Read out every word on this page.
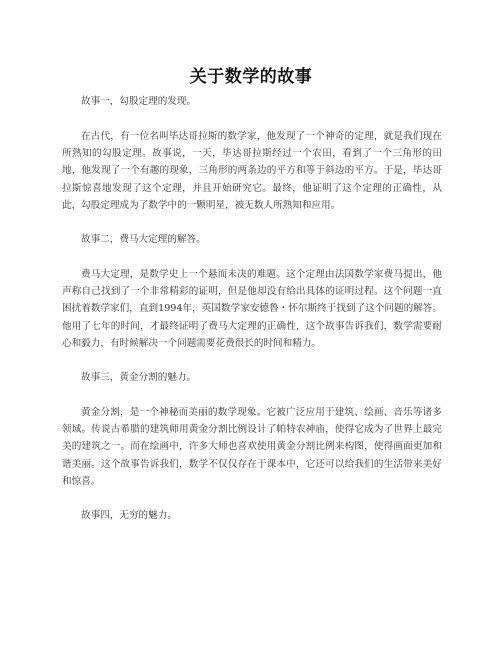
关于数学的故事

故事一，勾股定理的发现。

在古代，有一位名叫毕达哥拉斯的数学家，他发现了一个神奇的定理，就是我们现在所熟知的勾股定理。故事说，一天，毕达哥拉斯经过一个农田，看到了一个三角形的田地，他发现了一个有趣的现象，三角形的两条边的平方和等于斜边的平方。于是，毕达哥拉斯惊喜地发现了这个定理，并且开始研究它。最终，他证明了这个定理的正确性，从此，勾股定理成为了数学中的一颗明星，被无数人所熟知和应用。

故事二，费马大定理的解答。

费马大定理，是数学史上一个悬而未决的难题。这个定理由法国数学家费马提出，他声称自己找到了一个非常精彩的证明，但是他却没有给出具体的证明过程。这个问题一直困扰着数学家们，直到1994年，英国数学家安德鲁・怀尔斯终于找到了这个问题的解答。他用了七年的时间，才最终证明了费马大定理的正确性，这个故事告诉我们，数学需要耐心和毅力，有时候解决一个问题需要花费很长的时间和精力。

故事三，黄金分割的魅力。

黄金分割，是一个神秘而美丽的数学现象。它被广泛应用于建筑、绘画、音乐等诸多领域。传说古希腊的建筑师用黄金分割比例设计了帕特农神庙，使得它成为了世界上最完美的建筑之一。而在绘画中，许多大师也喜欢使用黄金分割比例来构图，使得画面更加和谐美丽。这个故事告诉我们，数学不仅仅存在于课本中，它还可以给我们的生活带来美好和惊喜。

故事四，无穷的魅力。
